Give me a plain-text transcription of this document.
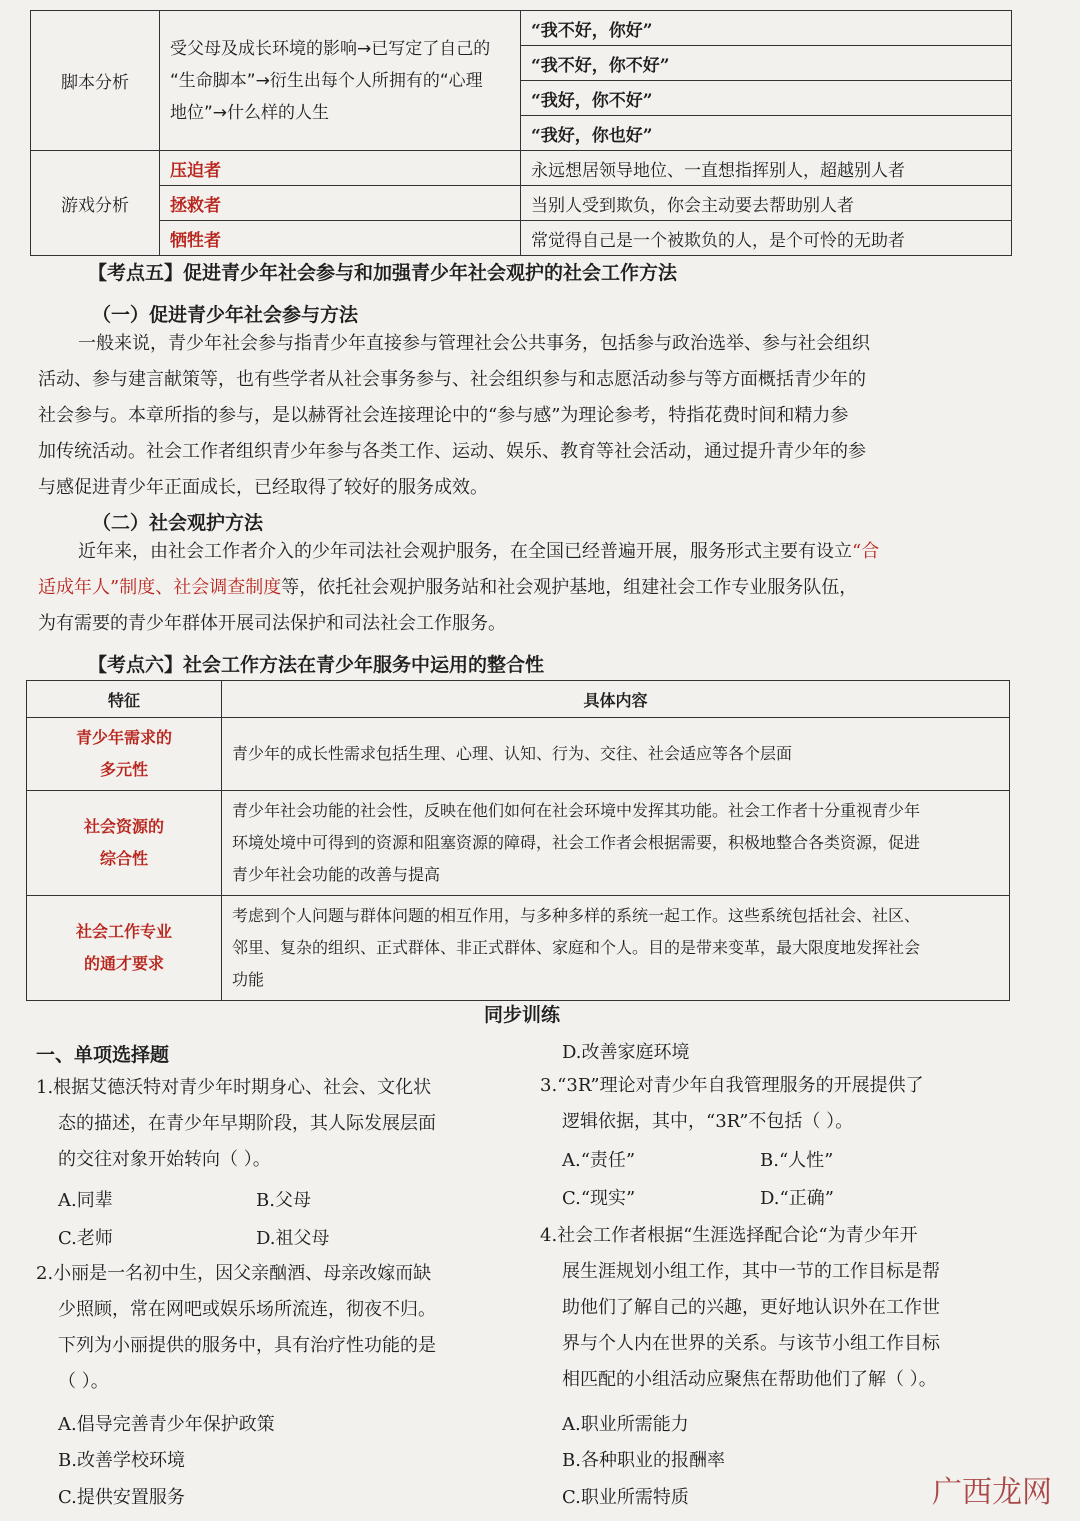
脚本分析	受父母及成长环境的影响→已写定了自己的
“生命脚本”→衍生出每个人所拥有的“心理
地位”→什么样的人生	“我不好，你好”
		“我不好，你不好”
		“我好，你不好”
		“我好，你也好”
游戏分析	压迫者	永远想居领导地位、一直想指挥别人，超越别人者
	拯救者	当别人受到欺负，你会主动要去帮助别人者
	牺牲者	常觉得自己是一个被欺负的人，是个可怜的无助者
【考点五】促进青少年社会参与和加强青少年社会观护的社会工作方法
（一）促进青少年社会参与方法
一般来说，青少年社会参与指青少年直接参与管理社会公共事务，包括参与政治选举、参与社会组织
活动、参与建言献策等，也有些学者从社会事务参与、社会组织参与和志愿活动参与等方面概括青少年的
社会参与。本章所指的参与，是以赫胥社会连接理论中的“参与感”为理论参考，特指花费时间和精力参
加传统活动。社会工作者组织青少年参与各类工作、运动、娱乐、教育等社会活动，通过提升青少年的参
与感促进青少年正面成长，已经取得了较好的服务成效。
（二）社会观护方法
近年来，由社会工作者介入的少年司法社会观护服务，在全国已经普遍开展，服务形式主要有设立“合
适成年人”制度、社会调查制度等，依托社会观护服务站和社会观护基地，组建社会工作专业服务队伍，
为有需要的青少年群体开展司法保护和司法社会工作服务。
【考点六】社会工作方法在青少年服务中运用的整合性
特征	具体内容

青少年需求的
多元性	青少年的成长性需求包括生理、心理、认知、行为、交往、社会适应等各个层面

社会资源的
综合性	青少年社会功能的社会性，反映在他们如何在社会环境中发挥其功能。社会工作者十分重视青少年
环境处境中可得到的资源和阻塞资源的障碍，社会工作者会根据需要，积极地整合各类资源，促进
青少年社会功能的改善与提高

社会工作专业
的通才要求	考虑到个人问题与群体问题的相互作用，与多种多样的系统一起工作。这些系统包括社会、社区、
邻里、复杂的组织、正式群体、非正式群体、家庭和个人。目的是带来变革，最大限度地发挥社会
功能
同步训练
一、单项选择题
1.根据艾德沃特对青少年时期身心、社会、文化状
态的描述，在青少年早期阶段，其人际发展层面
的交往对象开始转向（ ）。
A.同辈	B.父母
C.老师	D.祖父母
2.小丽是一名初中生，因父亲酗酒、母亲改嫁而缺
少照顾，常在网吧或娱乐场所流连，彻夜不归。
下列为小丽提供的服务中，具有治疗性功能的是
（ ）。
A.倡导完善青少年保护政策
B.改善学校环境
C.提供安置服务
D.改善家庭环境
3.“3R”理论对青少年自我管理服务的开展提供了
逻辑依据，其中，“3R”不包括（ ）。
A.“责任”	B.“人性”
C.“现实”	D.“正确”
4.社会工作者根据“生涯选择配合论“为青少年开
展生涯规划小组工作，其中一节的工作目标是帮
助他们了解自己的兴趣，更好地认识外在工作世
界与个人内在世界的关系。与该节小组工作目标
相匹配的小组活动应聚焦在帮助他们了解（ ）。
A.职业所需能力
B.各种职业的报酬率
C.职业所需特质	广西龙网
